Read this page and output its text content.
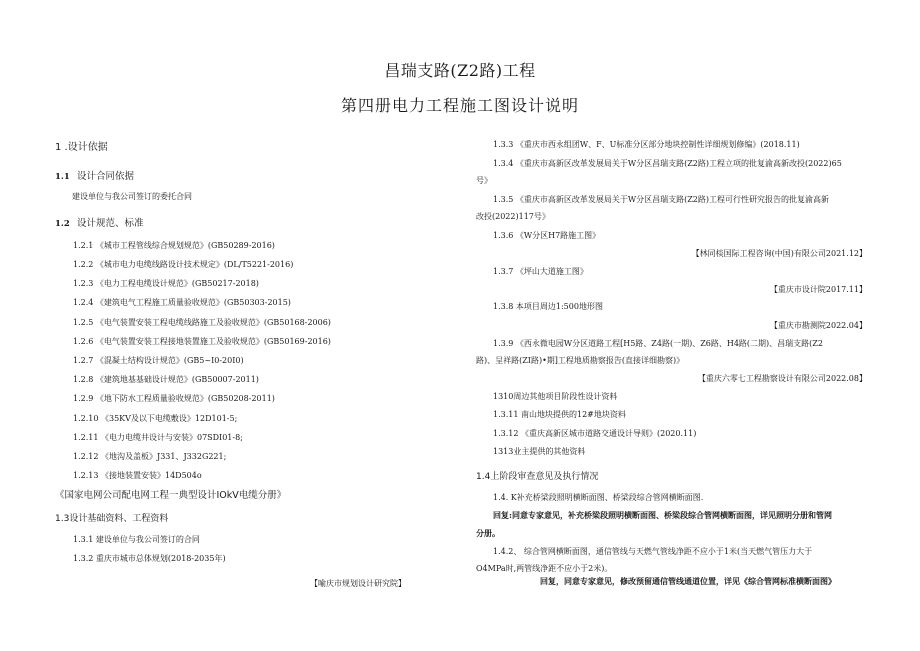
昌瑞支路(Z2路)工程
第四册电力工程施工图设计说明
1 .设计依据
1.1 设计合同依据
建设单位与我公司签订的委托合同
1.2 设计规范、标准
1.2.1 《城市工程管线综合规划规范》(GB50289-2016)
1.2.2 《城市电力电缆线路设计技术规定》(DL/T5221-2016)
1.2.3 《电力工程电缆设计规范》(GB50217-2018)
1.2.4 《建筑电气工程施工质量验收规范》(GB50303-2015)
1.2.5 《电气装置安装工程电缆线路施工及验收规范》(GB50168-2006)
1.2.6 《电气装置安装工程接地装置施工及验收规范》(GB50169-2016)
1.2.7 《混凝土结构设计规范》(GB5~I0-20I0)
1.2.8 《建筑地基基础设计规范》(GB50007-2011)
1.2.9 《地下防水工程质量验收规范》(GB50208-2011)
1.2.10 《35KV及以下电缆敷设》12D101-5;
1.2.11 《电力电缆井设计与安装》07SDI01-8;
1.2.12 《地沟及盖板》J331、J332G221;
1.2.13 《接地装置安装》14D504o
《国家电网公司配电网工程一典型设计IOkV电缆分册》
1.3设计基础资料、工程资料
1.3.1 建设单位与我公司签订的合同
1.3.2 重庆市城市总体规划(2018-2035年)
【喻庆市规划设计研究院】
1.3.3 《重庆市西永组团W、F、U标准分区部分地块控制性详细规划修编》(2018.11)
1.3.4 《重庆市高新区改革发展局关于W分区昌瑞支路(Z2路)工程立项的批复渝高新改投(2022)65
号》
1.3.5 《重庆市高新区改革发展局关于W分区昌瑞支路(Z2路)工程可行性研究报告的批复渝高新
改投(2022)117号》
1.3.6 《W分区H7路施工图》
【林同棪国际工程咨询(中国)有限公司2021.12】
1.3.7 《坪山大道施工图》
【重庆市设计院2017.11】
1.3.8 本项目周边1:500地形图
【重庆市勘测院2022.04】
1.3.9 《西永微电园W分区道路工程[H5路、Z4路(一期)、Z6路、H4路(二期)、昌瑞支路(Z2
路)、呈祥路(ZI路)•期]工程地质勘察报告(直接详细勘察)》
【重庆六零七工程勘察设计有限公司2022.08】
1310周边其他项目阶段性设计资料
1.3.11 南山地块提供的12#地块资料
1.3.12 《重庆高新区城市道路交通设计导则》(2020.11)
1313业主提供的其他资料
1.4上阶段审查意见及执行情况
1.4. K补充桥梁段照明横断面图、桥梁段综合管网横断面图.
回复:同意专家意见，补充桥梁段照明横断面图、桥梁段综合管网横断面图，详见照明分册和管网
分册。
1.4.2、 综合管网横断面图，通信管线与天燃气管线净距不应小于1米(当天燃气管压力大于
O4MPa时,两管线净距不应小于2米)。
回复，同意专家意见，修改预留通信管线通道位置，详见《综合管网标准横断面图》
